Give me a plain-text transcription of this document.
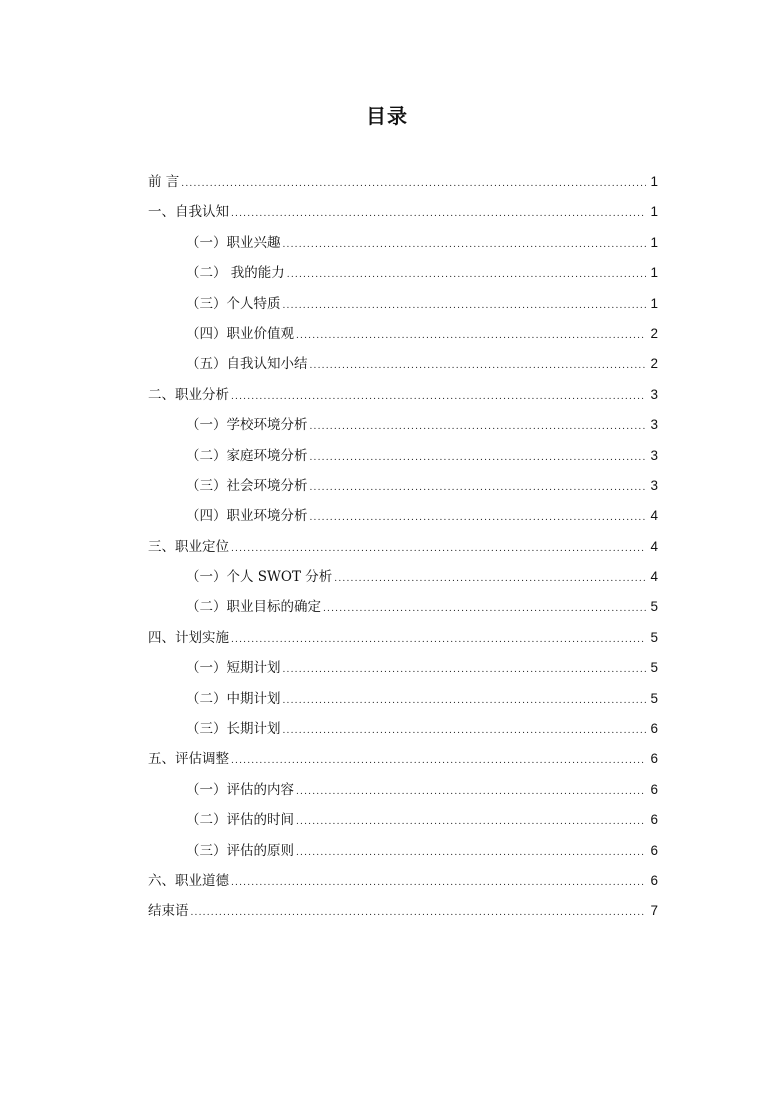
目录
前 言 .....	1
一、自我认知 .....	1
（一）职业兴趣 .....	1
（二） 我的能力 .....	1
（三）个人特质 .....	1
（四）职业价值观 .....	2
（五）自我认知小结 .....	2
二、职业分析 .....	3
（一）学校环境分析 .....	3
（二）家庭环境分析 .....	3
（三）社会环境分析 .....	3
（四）职业环境分析 .....	4
三、职业定位 .....	4
（一）个人 SWOT 分析 .....	4
（二）职业目标的确定 .....	5
四、计划实施 .....	5
（一）短期计划 .....	5
（二）中期计划 .....	5
（三）长期计划 .....	6
五、评估调整 .....	6
（一）评估的内容 .....	6
（二）评估的时间 .....	6
（三）评估的原则 .....	6
六、职业道德 .....	6
结束语 .....	7
